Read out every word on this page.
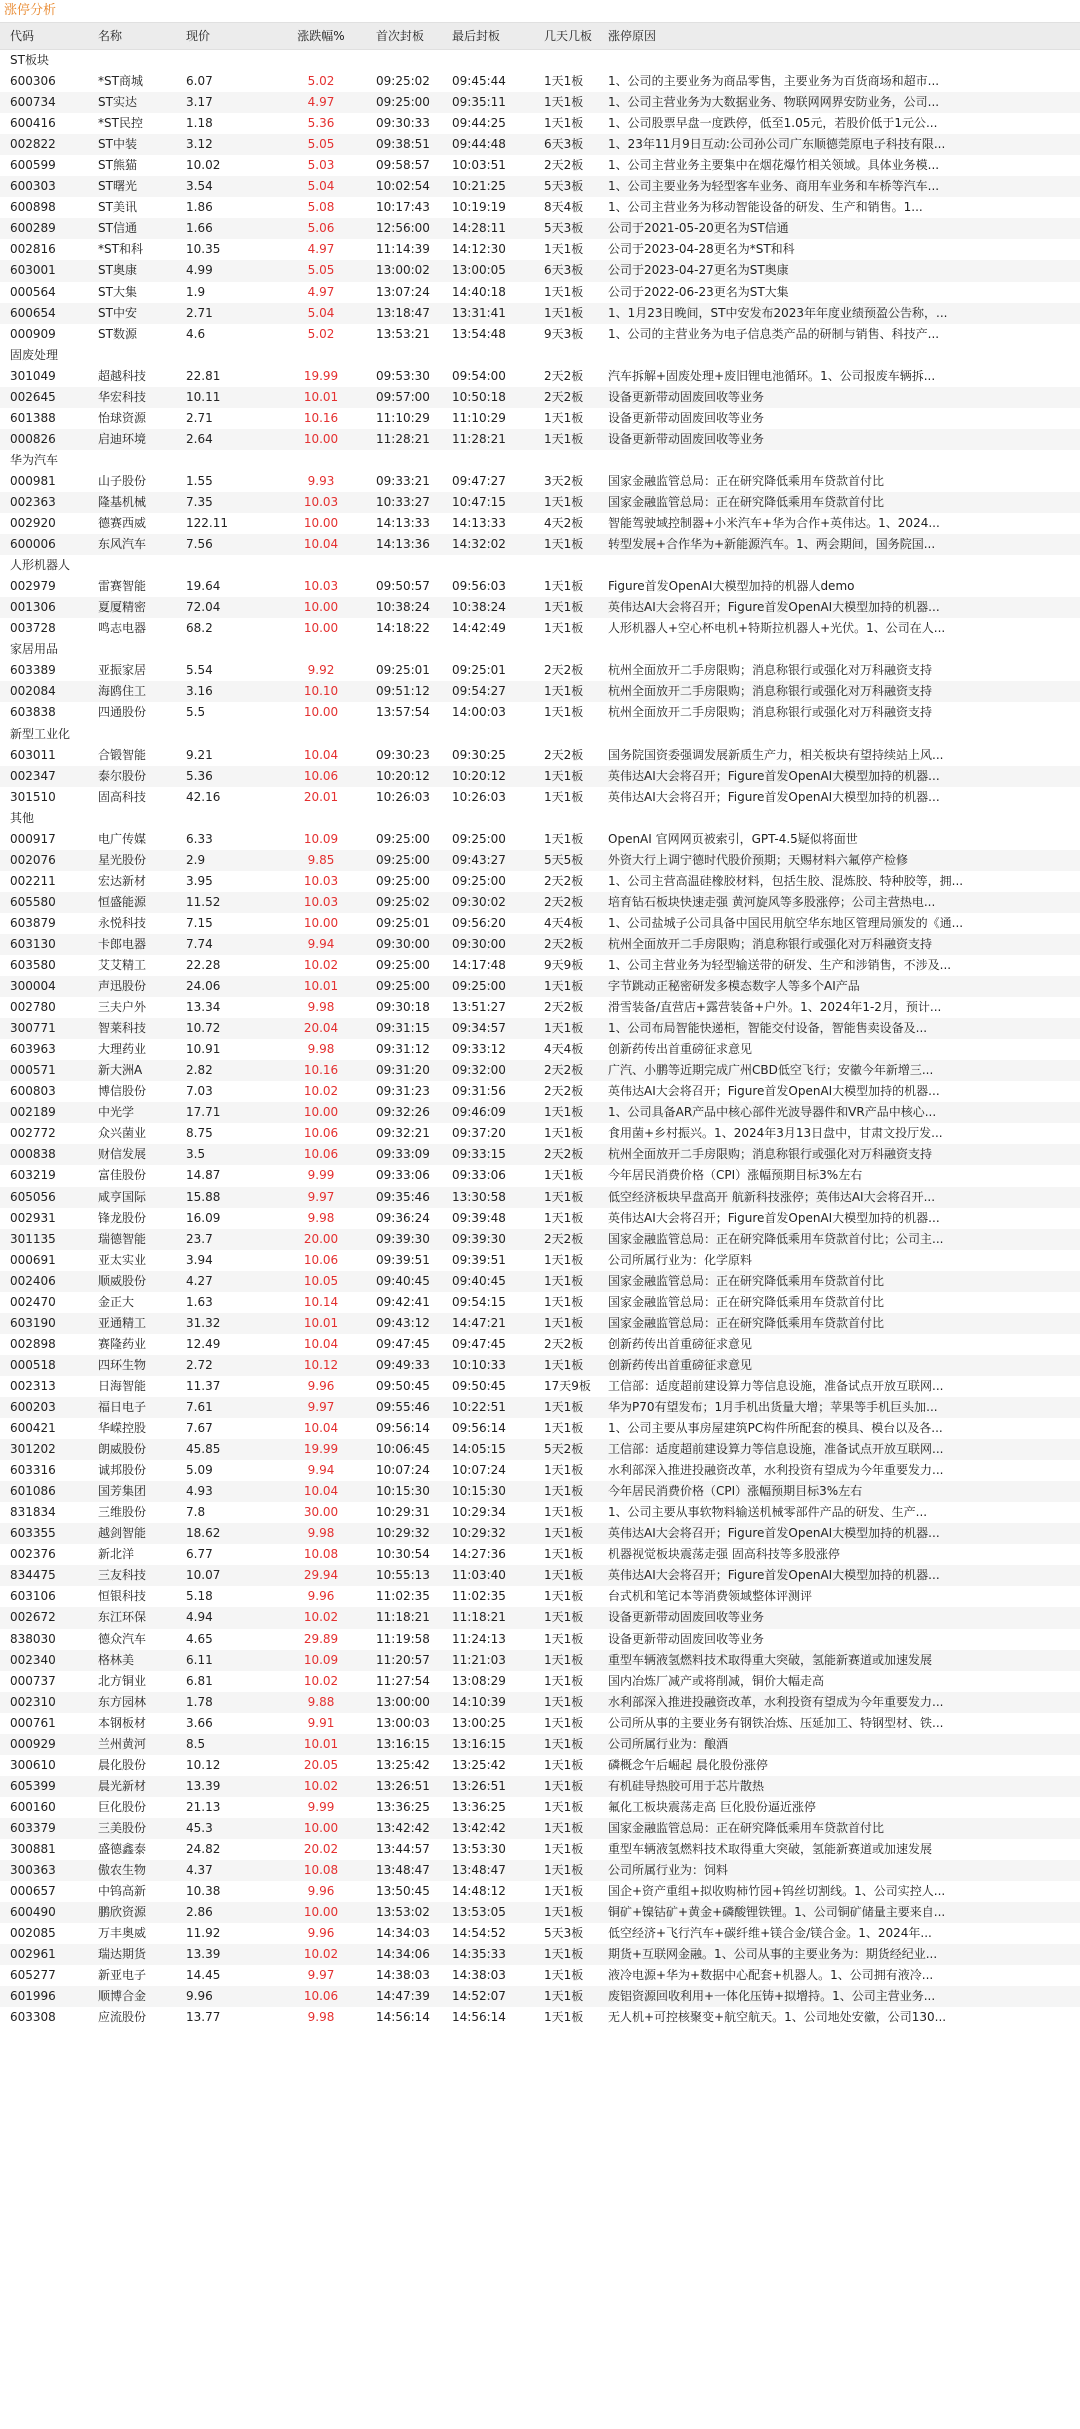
涨停分析
代码	名称	现价	涨跌幅%	首次封板	最后封板	几天几板	涨停原因
ST板块
600306	*ST商城	6.07	5.02	09:25:02	09:45:44	1天1板	1、公司的主要业务为商品零售，主要业务为百货商场和超市...
600734	ST实达	3.17	4.97	09:25:00	09:35:11	1天1板	1、公司主营业务为大数据业务、物联网网界安防业务，公司...
600416	*ST民控	1.18	5.36	09:30:33	09:44:25	1天1板	1、公司股票早盘一度跌停，低至1.05元，若股价低于1元公...
002822	ST中装	3.12	5.05	09:38:51	09:44:48	6天3板	1、23年11月9日互动:公司孙公司广东顺德莞原电子科技有限...
600599	ST熊猫	10.02	5.03	09:58:57	10:03:51	2天2板	1、公司主营业务主要集中在烟花爆竹相关领域。具体业务模...
600303	ST曙光	3.54	5.04	10:02:54	10:21:25	5天3板	1、公司主要业务为轻型客车业务、商用车业务和车桥等汽车...
600898	ST美讯	1.86	5.08	10:17:43	10:19:19	8天4板	1、公司主营业务为移动智能设备的研发、生产和销售。1...
600289	ST信通	1.66	5.06	12:56:00	14:28:11	5天3板	公司于2021-05-20更名为ST信通
002816	*ST和科	10.35	4.97	11:14:39	14:12:30	1天1板	公司于2023-04-28更名为*ST和科
603001	ST奥康	4.99	5.05	13:00:02	13:00:05	6天3板	公司于2023-04-27更名为ST奥康
000564	ST大集	1.9	4.97	13:07:24	14:40:18	1天1板	公司于2022-06-23更名为ST大集
600654	ST中安	2.71	5.04	13:18:47	13:31:41	1天1板	1、1月23日晚间，ST中安发布2023年年度业绩预盈公告称，...
000909	ST数源	4.6	5.02	13:53:21	13:54:48	9天3板	1、公司的主营业务为电子信息类产品的研制与销售、科技产...
固废处理
301049	超越科技	22.81	19.99	09:53:30	09:54:00	2天2板	汽车拆解+固废处理+废旧锂电池循环。1、公司报废车辆拆...
002645	华宏科技	10.11	10.01	09:57:00	10:50:18	2天2板	设备更新带动固废回收等业务
601388	怡球资源	2.71	10.16	11:10:29	11:10:29	1天1板	设备更新带动固废回收等业务
000826	启迪环境	2.64	10.00	11:28:21	11:28:21	1天1板	设备更新带动固废回收等业务
华为汽车
000981	山子股份	1.55	9.93	09:33:21	09:47:27	3天2板	国家金融监管总局：正在研究降低乘用车贷款首付比
002363	隆基机械	7.35	10.03	10:33:27	10:47:15	1天1板	国家金融监管总局：正在研究降低乘用车贷款首付比
002920	德赛西威	122.11	10.00	14:13:33	14:13:33	4天2板	智能驾驶域控制器+小米汽车+华为合作+英伟达。1、2024...
600006	东风汽车	7.56	10.04	14:13:36	14:32:02	1天1板	转型发展+合作华为+新能源汽车。1、两会期间，国务院国...
人形机器人
002979	雷赛智能	19.64	10.03	09:50:57	09:56:03	1天1板	Figure首发OpenAI大模型加持的机器人demo
001306	夏厦精密	72.04	10.00	10:38:24	10:38:24	1天1板	英伟达AI大会将召开；Figure首发OpenAI大模型加持的机器...
003728	鸣志电器	68.2	10.00	14:18:22	14:42:49	1天1板	人形机器人+空心杯电机+特斯拉机器人+光伏。1、公司在人...
家居用品
603389	亚振家居	5.54	9.92	09:25:01	09:25:01	2天2板	杭州全面放开二手房限购；消息称银行或强化对万科融资支持
002084	海鸥住工	3.16	10.10	09:51:12	09:54:27	1天1板	杭州全面放开二手房限购；消息称银行或强化对万科融资支持
603838	四通股份	5.5	10.00	13:57:54	14:00:03	1天1板	杭州全面放开二手房限购；消息称银行或强化对万科融资支持
新型工业化
603011	合锻智能	9.21	10.04	09:30:23	09:30:25	2天2板	国务院国资委强调发展新质生产力，相关板块有望持续站上风...
002347	泰尔股份	5.36	10.06	10:20:12	10:20:12	1天1板	英伟达AI大会将召开；Figure首发OpenAI大模型加持的机器...
301510	固高科技	42.16	20.01	10:26:03	10:26:03	1天1板	英伟达AI大会将召开；Figure首发OpenAI大模型加持的机器...
其他
000917	电广传媒	6.33	10.09	09:25:00	09:25:00	1天1板	OpenAI 官网网页被索引，GPT-4.5疑似将面世
002076	星光股份	2.9	9.85	09:25:00	09:43:27	5天5板	外资大行上调宁德时代股价预期；天赐材料六氟停产检修
002211	宏达新材	3.95	10.03	09:25:00	09:25:00	2天2板	1、公司主营高温硅橡胶材料，包括生胶、混炼胶、特种胶等，拥...
605580	恒盛能源	11.52	10.03	09:25:02	09:30:02	2天2板	培育钻石板块快速走强 黄河旋风等多股涨停；公司主营热电...
603879	永悦科技	7.15	10.00	09:25:01	09:56:20	4天4板	1、公司盐城子公司具备中国民用航空华东地区管理局颁发的《通...
603130	卡郎电器	7.74	9.94	09:30:00	09:30:00	2天2板	杭州全面放开二手房限购；消息称银行或强化对万科融资支持
603580	艾艾精工	22.28	10.02	09:25:00	14:17:48	9天9板	1、公司主营业务为轻型输送带的研发、生产和涉销售，不涉及...
300004	声迅股份	24.06	10.01	09:25:00	09:25:00	1天1板	字节跳动正秘密研发多模态数字人等多个AI产品
002780	三夫户外	13.34	9.98	09:30:18	13:51:27	2天2板	滑雪装备/直营店+露营装备+户外。1、2024年1-2月，预计...
300771	智莱科技	10.72	20.04	09:31:15	09:34:57	1天1板	1、公司布局智能快递柜，智能交付设备，智能售卖设备及...
603963	大理药业	10.91	9.98	09:31:12	09:33:12	4天4板	创新药传出首重磅征求意见
000571	新大洲A	2.82	10.16	09:31:20	09:32:00	2天2板	广汽、小鹏等近期完成广州CBD低空飞行；安徽今年新增三...
600803	博信股份	7.03	10.02	09:31:23	09:31:56	2天2板	英伟达AI大会将召开；Figure首发OpenAI大模型加持的机器...
002189	中光学	17.71	10.00	09:32:26	09:46:09	1天1板	1、公司具备AR产品中核心部件光波导器件和VR产品中核心...
002772	众兴菌业	8.75	10.06	09:32:21	09:37:20	1天1板	食用菌+乡村振兴。1、2024年3月13日盘中，甘肃文投厅发...
000838	财信发展	3.5	10.06	09:33:09	09:33:15	2天2板	杭州全面放开二手房限购；消息称银行或强化对万科融资支持
603219	富佳股份	14.87	9.99	09:33:06	09:33:06	1天1板	今年居民消费价格（CPI）涨幅预期目标3%左右
605056	咸亨国际	15.88	9.97	09:35:46	13:30:58	1天1板	低空经济板块早盘高开 航新科技涨停；英伟达AI大会将召开...
002931	锋龙股份	16.09	9.98	09:36:24	09:39:48	1天1板	英伟达AI大会将召开；Figure首发OpenAI大模型加持的机器...
301135	瑞德智能	23.7	20.00	09:39:30	09:39:30	2天2板	国家金融监管总局：正在研究降低乘用车贷款首付比；公司主...
000691	亚太实业	3.94	10.06	09:39:51	09:39:51	1天1板	公司所属行业为：化学原料
002406	顺威股份	4.27	10.05	09:40:45	09:40:45	1天1板	国家金融监管总局：正在研究降低乘用车贷款首付比
002470	金正大	1.63	10.14	09:42:41	09:54:15	1天1板	国家金融监管总局：正在研究降低乘用车贷款首付比
603190	亚通精工	31.32	10.01	09:43:12	14:47:21	1天1板	国家金融监管总局：正在研究降低乘用车贷款首付比
002898	赛隆药业	12.49	10.04	09:47:45	09:47:45	2天2板	创新药传出首重磅征求意见
000518	四环生物	2.72	10.12	09:49:33	10:10:33	1天1板	创新药传出首重磅征求意见
002313	日海智能	11.37	9.96	09:50:45	09:50:45	17天9板	工信部：适度超前建设算力等信息设施，准备试点开放互联网...
600203	福日电子	7.61	9.97	09:55:46	10:22:51	1天1板	华为P70有望发布；1月手机出货量大增；苹果等手机巨头加...
600421	华嵘控股	7.67	10.04	09:56:14	09:56:14	1天1板	1、公司主要从事房屋建筑PC构件所配套的模具、模台以及各...
301202	朗威股份	45.85	19.99	10:06:45	14:05:15	5天2板	工信部：适度超前建设算力等信息设施，准备试点开放互联网...
603316	诚邦股份	5.09	9.94	10:07:24	10:07:24	1天1板	水利部深入推进投融资改革，水利投资有望成为今年重要发力...
601086	国芳集团	4.93	10.04	10:15:30	10:15:30	1天1板	今年居民消费价格（CPI）涨幅预期目标3%左右
831834	三维股份	7.8	30.00	10:29:31	10:29:34	1天1板	1、公司主要从事软物料输送机械零部件产品的研发、生产...
603355	越剑智能	18.62	9.98	10:29:32	10:29:32	1天1板	英伟达AI大会将召开；Figure首发OpenAI大模型加持的机器...
002376	新北洋	6.77	10.08	10:30:54	14:27:36	1天1板	机器视觉板块震荡走强 固高科技等多股涨停
834475	三友科技	10.07	29.94	10:55:13	11:03:40	1天1板	英伟达AI大会将召开；Figure首发OpenAI大模型加持的机器...
603106	恒银科技	5.18	9.96	11:02:35	11:02:35	1天1板	台式机和笔记本等消费领域整体评测评
002672	东江环保	4.94	10.02	11:18:21	11:18:21	1天1板	设备更新带动固废回收等业务
838030	德众汽车	4.65	29.89	11:19:58	11:24:13	1天1板	设备更新带动固废回收等业务
002340	格林美	6.11	10.09	11:20:57	11:21:03	1天1板	重型车辆液氢燃料技术取得重大突破，氢能新赛道或加速发展
000737	北方铜业	6.81	10.02	11:27:54	13:08:29	1天1板	国内冶炼厂减产或将削减，铜价大幅走高
002310	东方园林	1.78	9.88	13:00:00	14:10:39	1天1板	水利部深入推进投融资改革，水利投资有望成为今年重要发力...
000761	本钢板材	3.66	9.91	13:00:03	13:00:25	1天1板	公司所从事的主要业务有钢铁冶炼、压延加工、特钢型材、铁...
000929	兰州黄河	8.5	10.01	13:16:15	13:16:15	1天1板	公司所属行业为：酿酒
300610	晨化股份	10.12	20.05	13:25:42	13:25:42	1天1板	磷概念午后崛起 晨化股份涨停
605399	晨光新材	13.39	10.02	13:26:51	13:26:51	1天1板	有机硅导热胶可用于芯片散热
600160	巨化股份	21.13	9.99	13:36:25	13:36:25	1天1板	氟化工板块震荡走高 巨化股份逼近涨停
603379	三美股份	45.3	10.00	13:42:42	13:42:42	1天1板	国家金融监管总局：正在研究降低乘用车贷款首付比
300881	盛德鑫泰	24.82	20.02	13:44:57	13:53:30	1天1板	重型车辆液氢燃料技术取得重大突破，氢能新赛道或加速发展
300363	傲农生物	4.37	10.08	13:48:47	13:48:47	1天1板	公司所属行业为：饲料
000657	中钨高新	10.38	9.96	13:50:45	14:48:12	1天1板	国企+资产重组+拟收购柿竹园+钨丝切割线。1、公司实控人...
600490	鹏欣资源	2.86	10.00	13:53:02	13:53:05	1天1板	铜矿+镍钴矿+黄金+磷酸锂铁锂。1、公司铜矿储量主要来自...
002085	万丰奥威	11.92	9.96	14:34:03	14:54:52	5天3板	低空经济+飞行汽车+碳纤维+镁合金/镁合金。1、2024年...
002961	瑞达期货	13.39	10.02	14:34:06	14:35:33	1天1板	期货+互联网金融。1、公司从事的主要业务为：期货经纪业...
605277	新亚电子	14.45	9.97	14:38:03	14:38:03	1天1板	液冷电源+华为+数据中心配套+机器人。1、公司拥有液冷...
601996	顺博合金	9.96	10.06	14:47:39	14:52:07	1天1板	废铝资源回收利用+一体化压铸+拟增持。1、公司主营业务...
603308	应流股份	13.77	9.98	14:56:14	14:56:14	1天1板	无人机+可控核聚变+航空航天。1、公司地处安徽，公司130...
